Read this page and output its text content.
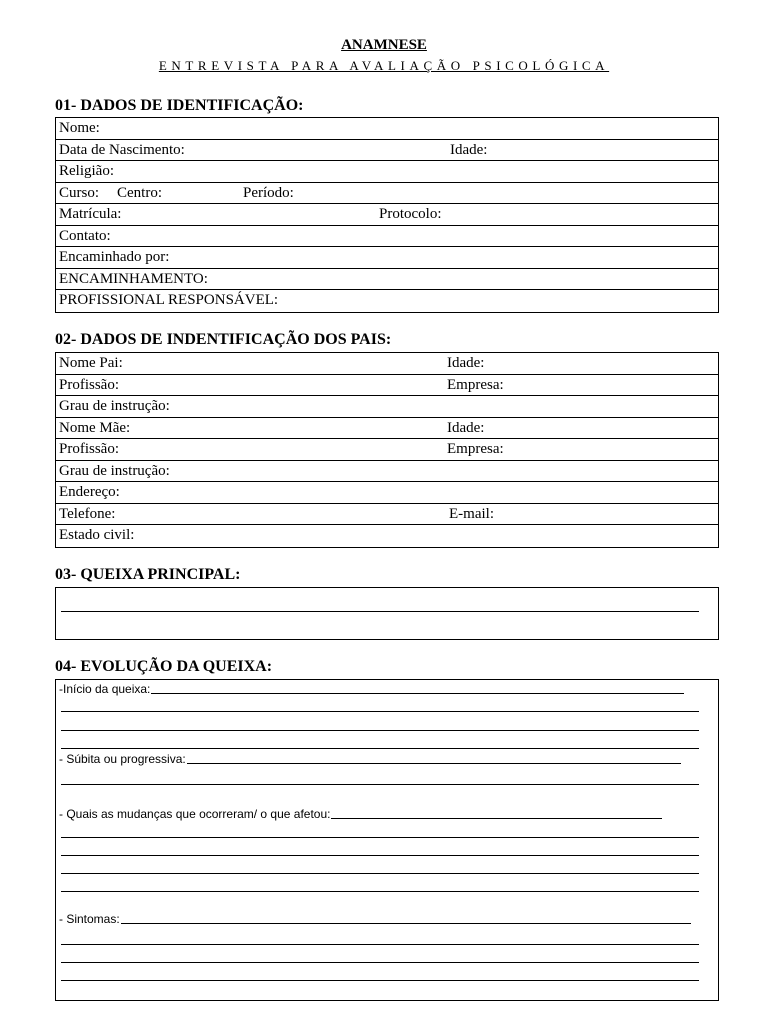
ANAMNESE
ENTREVISTA PARA AVALIAÇÃO PSICOLÓGICA
01- DADOS DE IDENTIFICAÇÃO:
Nome:
Data de Nascimento:	Idade:
Religião:
Curso: Centro:	Período:
Matrícula:	Protocolo:
Contato:
Encaminhado por:
ENCAMINHAMENTO:
PROFISSIONAL RESPONSÁVEL:
02- DADOS DE INDENTIFICAÇÃO DOS PAIS:
Nome Pai:	Idade:
Profissão:	Empresa:
Grau de instrução:
Nome Mãe:	Idade:
Profissão:	Empresa:
Grau de instrução:
Endereço:
Telefone:	E-mail:
Estado civil:
03- QUEIXA PRINCIPAL:
04- EVOLUÇÃO DA QUEIXA:
-Início da queixa:
- Súbita ou progressiva:
- Quais as mudanças que ocorreram/ o que afetou:
- Sintomas:
